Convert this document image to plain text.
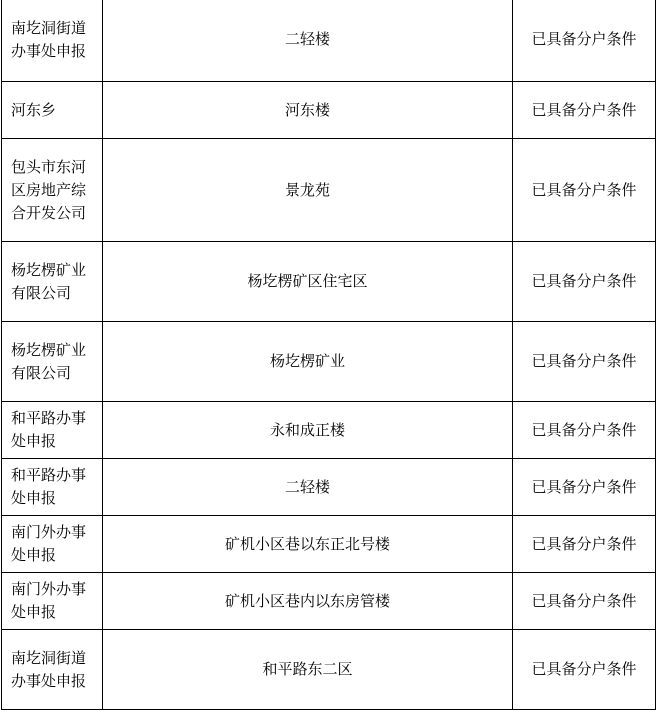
南圪洞街道办事处申报	二轻楼	已具备分户条件
河东乡	河东楼	已具备分户条件
包头市东河区房地产综合开发公司	景龙苑	已具备分户条件
杨圪楞矿业有限公司	杨圪楞矿区住宅区	已具备分户条件
杨圪楞矿业有限公司	杨圪楞矿业	已具备分户条件
和平路办事处申报	永和成正楼	已具备分户条件
和平路办事处申报	二轻楼	已具备分户条件
南门外办事处申报	矿机小区巷以东正北号楼	已具备分户条件
南门外办事处申报	矿机小区巷内以东房管楼	已具备分户条件
南圪洞街道办事处申报	和平路东二区	已具备分户条件
